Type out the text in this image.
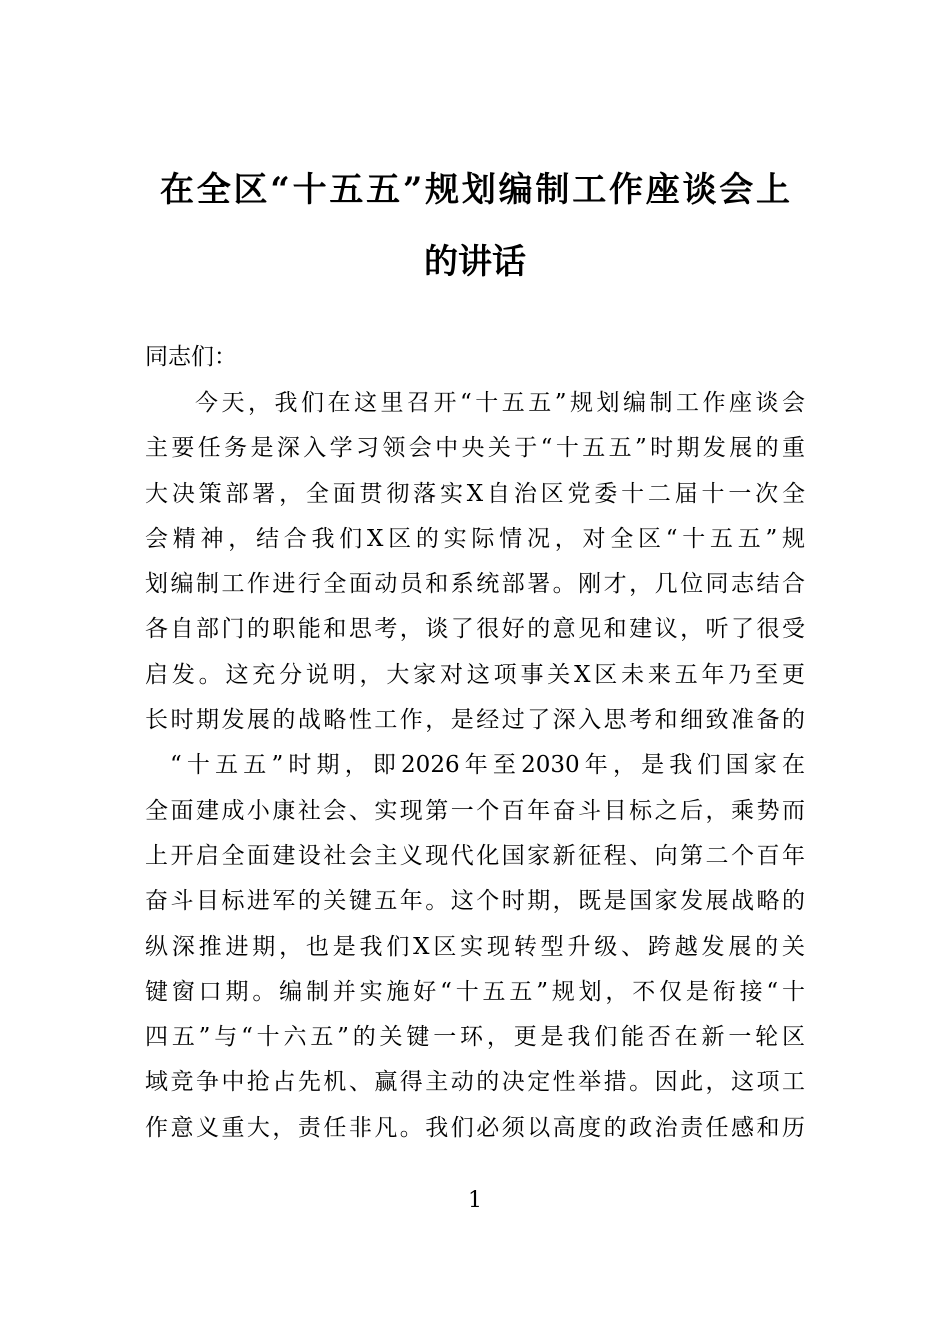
在全区“十五五”规划编制工作座谈会上
的讲话
同志们：
今天，我们在这里召开“十五五”规划编制工作座谈会
主要任务是深入学习领会中央关于“十五五”时期发展的重
大决策部署，全面贯彻落实X自治区党委十二届十一次全
会精神，结合我们X区的实际情况，对全区“十五五”规
划编制工作进行全面动员和系统部署。刚才，几位同志结合
各自部门的职能和思考，谈了很好的意见和建议，听了很受
启发。这充分说明，大家对这项事关X区未来五年乃至更
长时期发展的战略性工作，是经过了深入思考和细致准备的
“十五五”时期，即2026年至2030年，是我们国家在
全面建成小康社会、实现第一个百年奋斗目标之后，乘势而
上开启全面建设社会主义现代化国家新征程、向第二个百年
奋斗目标进军的关键五年。这个时期，既是国家发展战略的
纵深推进期，也是我们X区实现转型升级、跨越发展的关
键窗口期。编制并实施好“十五五”规划，不仅是衔接“十
四五”与“十六五”的关键一环，更是我们能否在新一轮区
域竞争中抢占先机、赢得主动的决定性举措。因此，这项工
作意义重大，责任非凡。我们必须以高度的政治责任感和历
1
